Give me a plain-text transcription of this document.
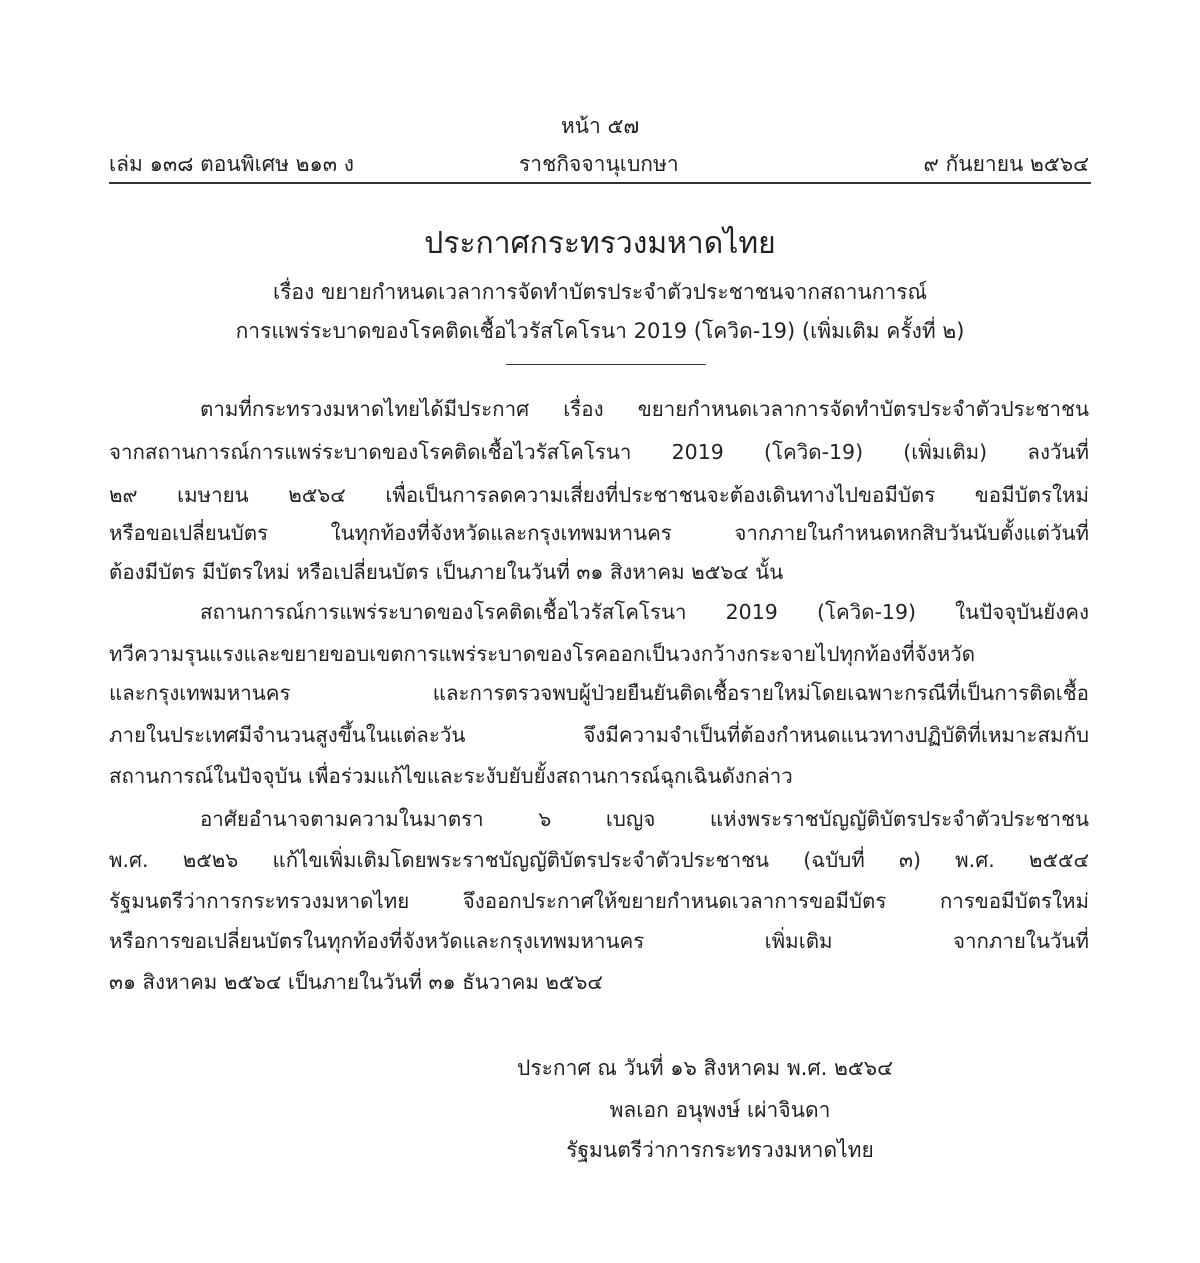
หน้า ๕๗
เล่ม ๑๓๘ ตอนพิเศษ ๒๑๓ ง	ราชกิจจานุเบกษา	๙ กันยายน ๒๕๖๔
ประกาศกระทรวงมหาดไทย
เรื่อง ขยายกำหนดเวลาการจัดทำบัตรประจำตัวประชาชนจากสถานการณ์
การแพร่ระบาดของโรคติดเชื้อไวรัสโคโรนา 2019 (โควิด-19) (เพิ่มเติม ครั้งที่ ๒)
ตามที่กระทรวงมหาดไทยได้มีประกาศ เรื่อง ขยายกำหนดเวลาการจัดทำบัตรประจำตัวประชาชน
จากสถานการณ์การแพร่ระบาดของโรคติดเชื้อไวรัสโคโรนา 2019 (โควิด-19) (เพิ่มเติม) ลงวันที่
๒๙ เมษายน ๒๕๖๔ เพื่อเป็นการลดความเสี่ยงที่ประชาชนจะต้องเดินทางไปขอมีบัตร ขอมีบัตรใหม่
หรือขอเปลี่ยนบัตร ในทุกท้องที่จังหวัดและกรุงเทพมหานคร จากภายในกำหนดหกสิบวันนับตั้งแต่วันที่
ต้องมีบัตร มีบัตรใหม่ หรือเปลี่ยนบัตร เป็นภายในวันที่ ๓๑ สิงหาคม ๒๕๖๔ นั้น
สถานการณ์การแพร่ระบาดของโรคติดเชื้อไวรัสโคโรนา 2019 (โควิด-19) ในปัจจุบันยังคง
ทวีความรุนแรงและขยายขอบเขตการแพร่ระบาดของโรคออกเป็นวงกว้างกระจายไปทุกท้องที่จังหวัด
และกรุงเทพมหานคร และการตรวจพบผู้ป่วยยืนยันติดเชื้อรายใหม่โดยเฉพาะกรณีที่เป็นการติดเชื้อ
ภายในประเทศมีจำนวนสูงขึ้นในแต่ละวัน จึงมีความจำเป็นที่ต้องกำหนดแนวทางปฏิบัติที่เหมาะสมกับ
สถานการณ์ในปัจจุบัน เพื่อร่วมแก้ไขและระงับยับยั้งสถานการณ์ฉุกเฉินดังกล่าว
อาศัยอำนาจตามความในมาตรา ๖ เบญจ แห่งพระราชบัญญัติบัตรประจำตัวประชาชน
พ.ศ. ๒๕๒๖ แก้ไขเพิ่มเติมโดยพระราชบัญญัติบัตรประจำตัวประชาชน (ฉบับที่ ๓) พ.ศ. ๒๕๕๔
รัฐมนตรีว่าการกระทรวงมหาดไทย จึงออกประกาศให้ขยายกำหนดเวลาการขอมีบัตร การขอมีบัตรใหม่
หรือการขอเปลี่ยนบัตรในทุกท้องที่จังหวัดและกรุงเทพมหานคร เพิ่มเติม จากภายในวันที่
๓๑ สิงหาคม ๒๕๖๔ เป็นภายในวันที่ ๓๑ ธันวาคม ๒๕๖๔
ประกาศ ณ วันที่ ๑๖ สิงหาคม พ.ศ. ๒๕๖๔
พลเอก อนุพงษ์ เผ่าจินดา
รัฐมนตรีว่าการกระทรวงมหาดไทย
